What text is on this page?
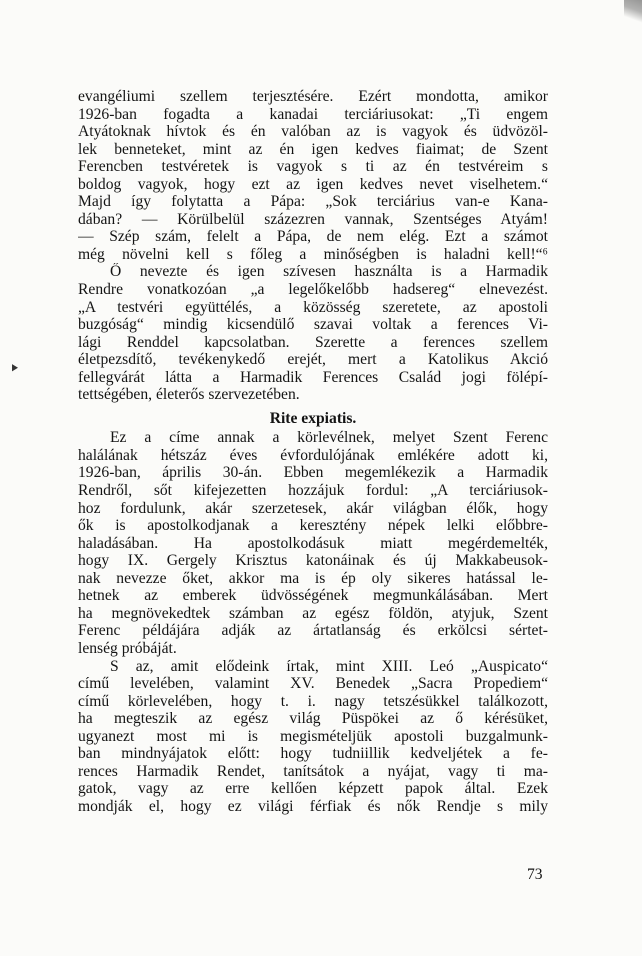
▸
evangéliumi szellem terjesztésére. Ezért mondotta, amikor
1926-ban fogadta a kanadai terciáriusokat: „Ti engem
Atyátoknak hívtok és én valóban az is vagyok és üdvözöl-
lek benneteket, mint az én igen kedves fiaimat; de Szent
Ferencben testvéretek is vagyok s ti az én testvéreim s
boldog vagyok, hogy ezt az igen kedves nevet viselhetem.“
Majd így folytatta a Pápa: „Sok terciárius van-e Kana-
dában? — Körülbelül százezren vannak, Szentséges Atyám!
— Szép szám, felelt a Pápa, de nem elég. Ezt a számot
még növelni kell s főleg a minőségben is haladni kell!“⁶
Ő nevezte és igen szívesen használta is a Harmadik
Rendre vonatkozóan „a legelőkelőbb hadsereg“ elnevezést.
„A testvéri együttélés, a közösség szeretete, az apostoli
buzgóság“ mindig kicsendülő szavai voltak a ferences Vi-
lági Renddel kapcsolatban. Szerette a ferences szellem
életpezsdítő, tevékenykedő erejét, mert a Katolikus Akció
fellegvárát látta a Harmadik Ferences Család jogi fölépí-
tettségében, életerős szervezetében.
Rite expiatis.
Ez a címe annak a körlevélnek, melyet Szent Ferenc
halálának hétszáz éves évfordulójának emlékére adott ki,
1926-ban, április 30-án. Ebben megemlékezik a Harmadik
Rendről, sőt kifejezetten hozzájuk fordul: „A terciáriusok-
hoz fordulunk, akár szerzetesek, akár világban élők, hogy
ők is apostolkodjanak a keresztény népek lelki előbbre-
haladásában. Ha apostolkodásuk miatt megérdemelték,
hogy IX. Gergely Krisztus katonáinak és új Makkabeusok-
nak nevezze őket, akkor ma is ép oly sikeres hatással le-
hetnek az emberek üdvösségének megmunkálásában. Mert
ha megnövekedtek számban az egész földön, atyjuk, Szent
Ferenc példájára adják az ártatlanság és erkölcsi sértet-
lenség próbáját.
S az, amit elődeink írtak, mint XIII. Leó „Auspicato“
című levelében, valamint XV. Benedek „Sacra Propediem“
című körlevelében, hogy t. i. nagy tetszésükkel találkozott,
ha megteszik az egész világ Püspökei az ő kérésüket,
ugyanezt most mi is megismételjük apostoli buzgalmunk-
ban mindnyájatok előtt: hogy tudniillik kedveljétek a fe-
rences Harmadik Rendet, tanítsátok a nyájat, vagy ti ma-
gatok, vagy az erre kellően képzett papok által. Ezek
mondják el, hogy ez világi férfiak és nők Rendje s mily
73
